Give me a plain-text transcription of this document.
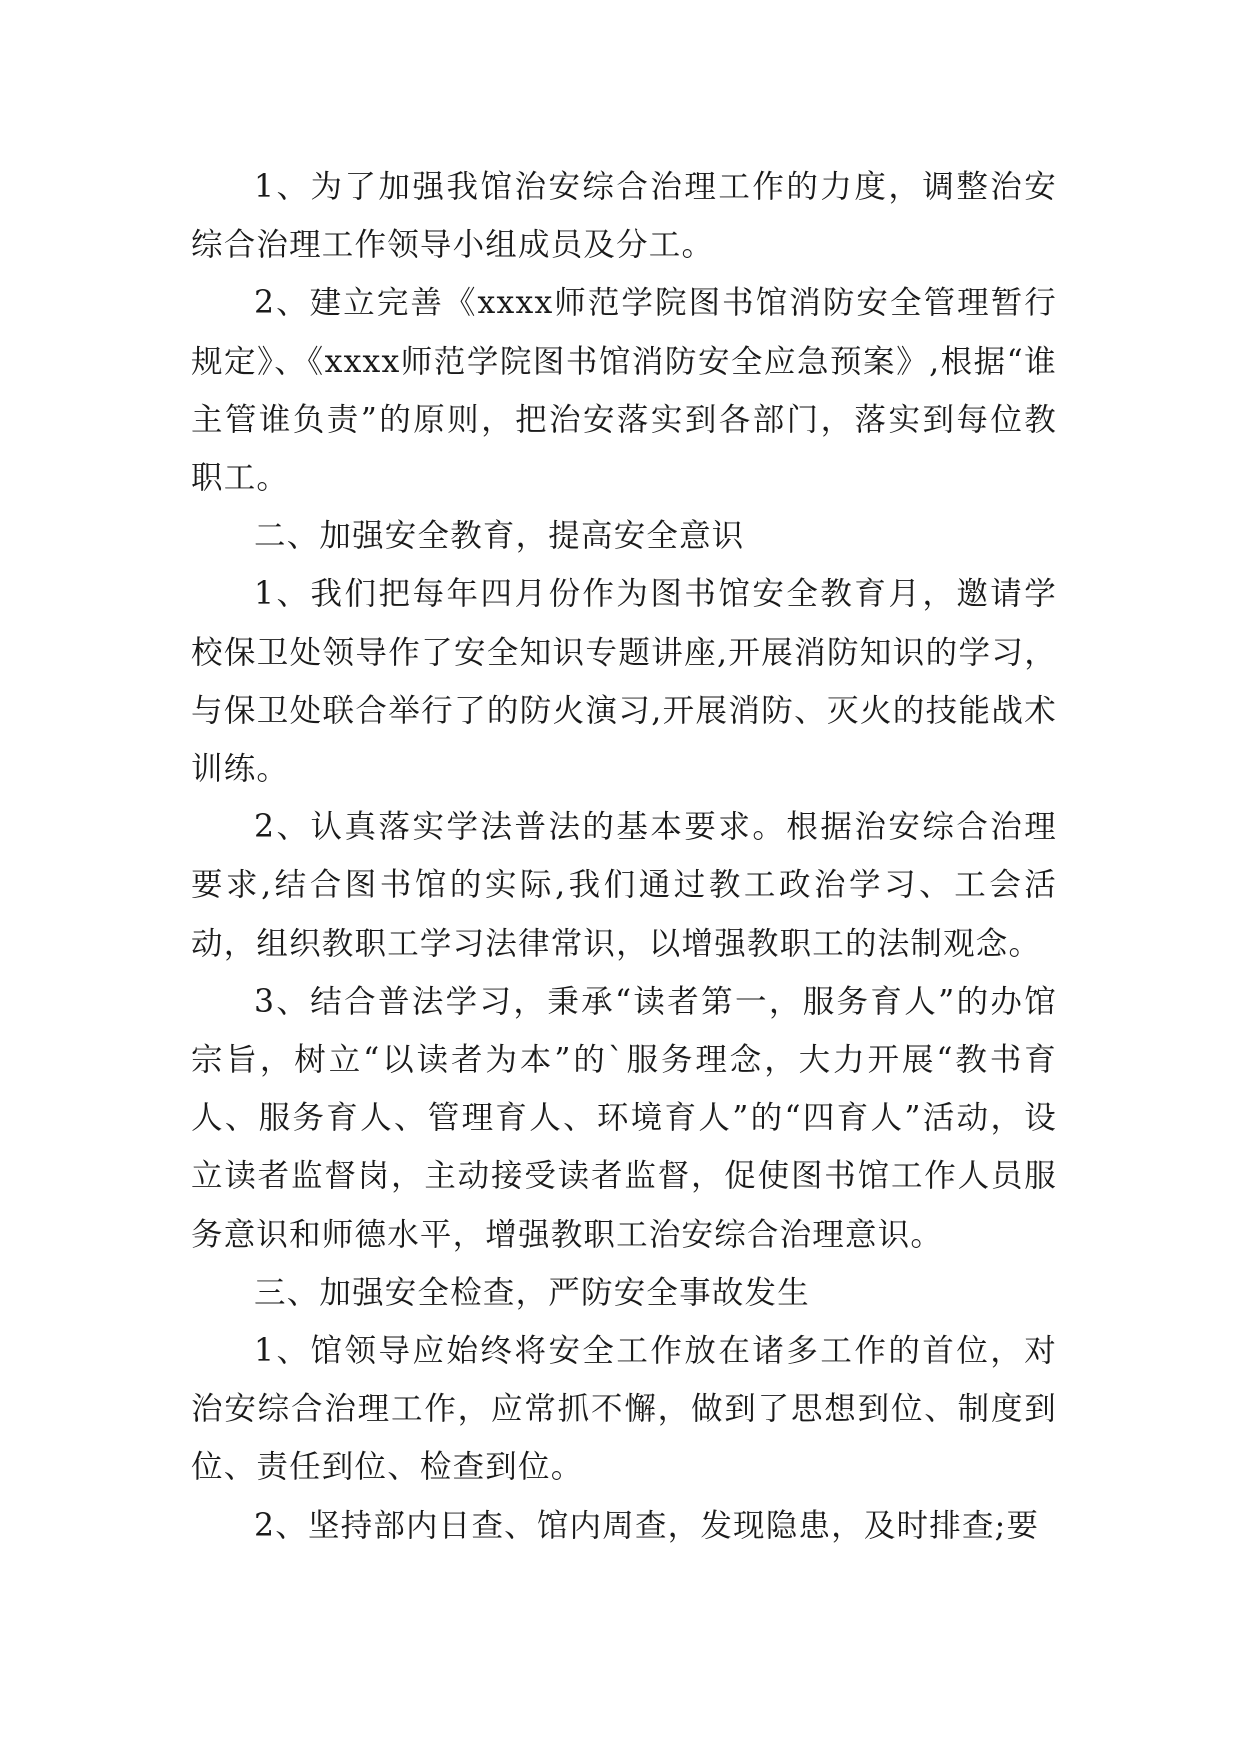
1、为了加强我馆治安综合治理工作的力度，调整治安综合治理工作领导小组成员及分工。

2、建立完善《xxxx师范学院图书馆消防安全管理暂行规定》、《xxxx师范学院图书馆消防安全应急预案》,根据“谁主管谁负责”的原则，把治安落实到各部门，落实到每位教职工。

二、加强安全教育，提高安全意识

1、我们把每年四月份作为图书馆安全教育月，邀请学校保卫处领导作了安全知识专题讲座,开展消防知识的学习，与保卫处联合举行了的防火演习,开展消防、灭火的技能战术训练。

2、认真落实学法普法的基本要求。根据治安综合治理要求,结合图书馆的实际,我们通过教工政治学习、工会活动，组织教职工学习法律常识，以增强教职工的法制观念。

3、结合普法学习，秉承“读者第一，服务育人”的办馆宗旨，树立“以读者为本”的`服务理念，大力开展“教书育人、服务育人、管理育人、环境育人”的“四育人”活动，设立读者监督岗，主动接受读者监督，促使图书馆工作人员服务意识和师德水平，增强教职工治安综合治理意识。

三、加强安全检查，严防安全事故发生

1、馆领导应始终将安全工作放在诸多工作的首位，对治安综合治理工作，应常抓不懈，做到了思想到位、制度到位、责任到位、检查到位。

2、坚持部内日查、馆内周查，发现隐患，及时排查;要
